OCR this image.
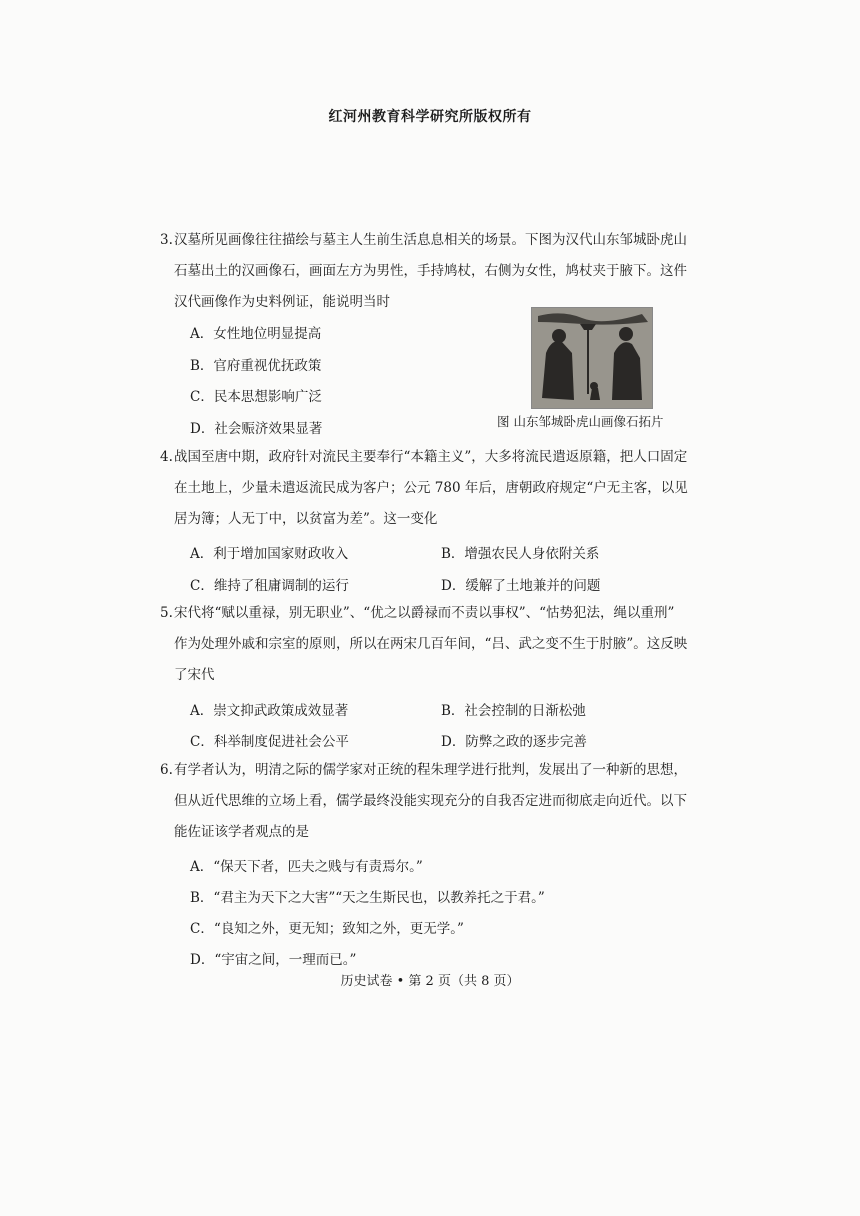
红河州教育科学研究所版权所有
3. 汉墓所见画像往往描绘与墓主人生前生活息息相关的场景。下图为汉代山东邹城卧虎山

石墓出土的汉画像石，画面左方为男性，手持鸠杖，右侧为女性，鸠杖夹于腋下。这件

汉代画像作为史料例证，能说明当时

A．女性地位明显提高
B．官府重视优抚政策
C．民本思想影响广泛
D．社会赈济效果显著	图 山东邹城卧虎山画像石拓片
4. 战国至唐中期，政府针对流民主要奉行“本籍主义”，大多将流民遣返原籍，把人口固定

在土地上，少量未遣返流民成为客户；公元 780 年后，唐朝政府规定“户无主客，以见

居为簿；人无丁中，以贫富为差”。这一变化

A．利于增加国家财政收入	B．增强农民人身依附关系
C．维持了租庸调制的运行	D．缓解了土地兼并的问题
5. 宋代将“赋以重禄，别无职业”、“优之以爵禄而不责以事权”、“怙势犯法，绳以重刑”

作为处理外戚和宗室的原则，所以在两宋几百年间，“吕、武之变不生于肘腋”。这反映

了宋代

A．崇文抑武政策成效显著	B．社会控制的日渐松弛
C．科举制度促进社会公平	D．防弊之政的逐步完善
6. 有学者认为，明清之际的儒学家对正统的程朱理学进行批判，发展出了一种新的思想，

但从近代思维的立场上看，儒学最终没能实现充分的自我否定进而彻底走向近代。以下

能佐证该学者观点的是

A．“保天下者，匹夫之贱与有责焉尔。”
B．“君主为天下之大害”“天之生斯民也，以教养托之于君。”
C．“良知之外，更无知；致知之外，更无学。”
D．“宇宙之间，一理而已。”
历史试卷 • 第 2 页（共 8 页）
